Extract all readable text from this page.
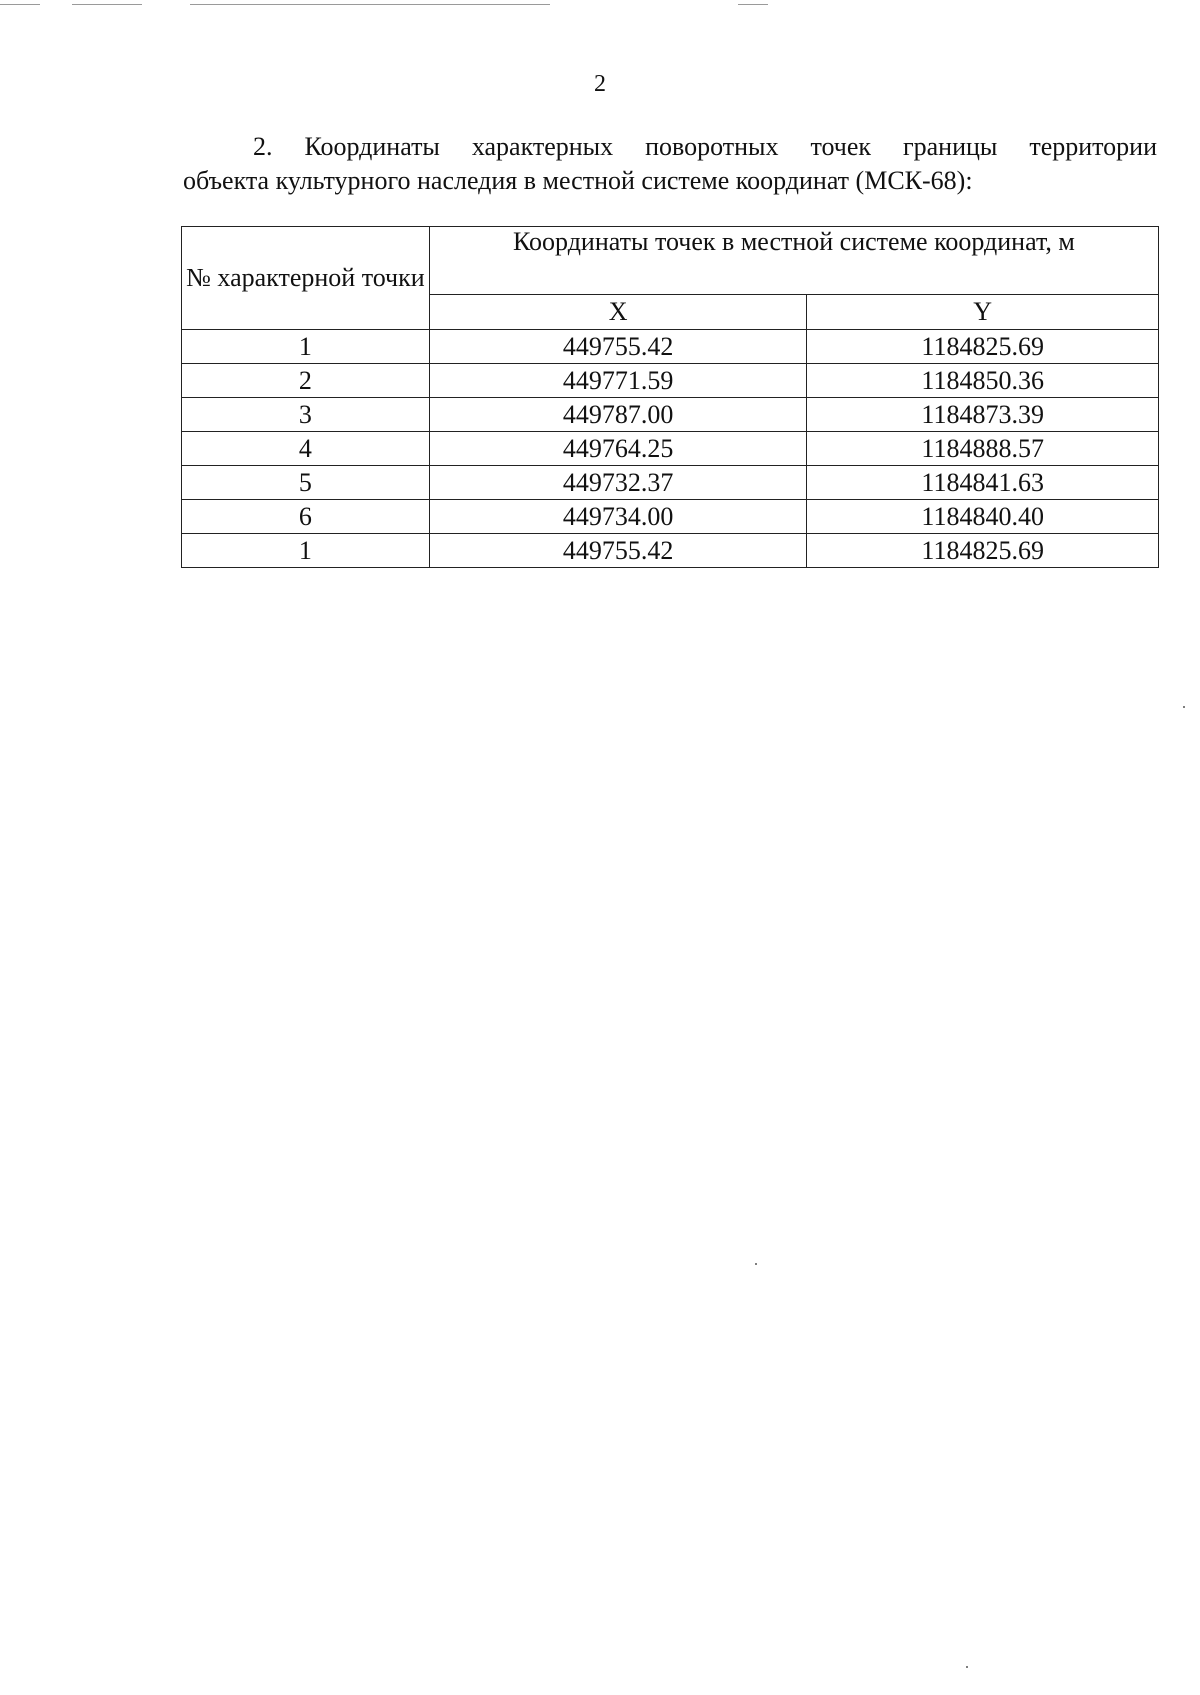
2
2. Координаты характерных поворотных точек границы территории
объекта культурного наследия в местной системе координат (МСК-68):
№ характерной точки	Координаты точек в местной системе координат, м	
	X	Y
1	449755.42	1184825.69
2	449771.59	1184850.36
3	449787.00	1184873.39
4	449764.25	1184888.57
5	449732.37	1184841.63
6	449734.00	1184840.40
1	449755.42	1184825.69
